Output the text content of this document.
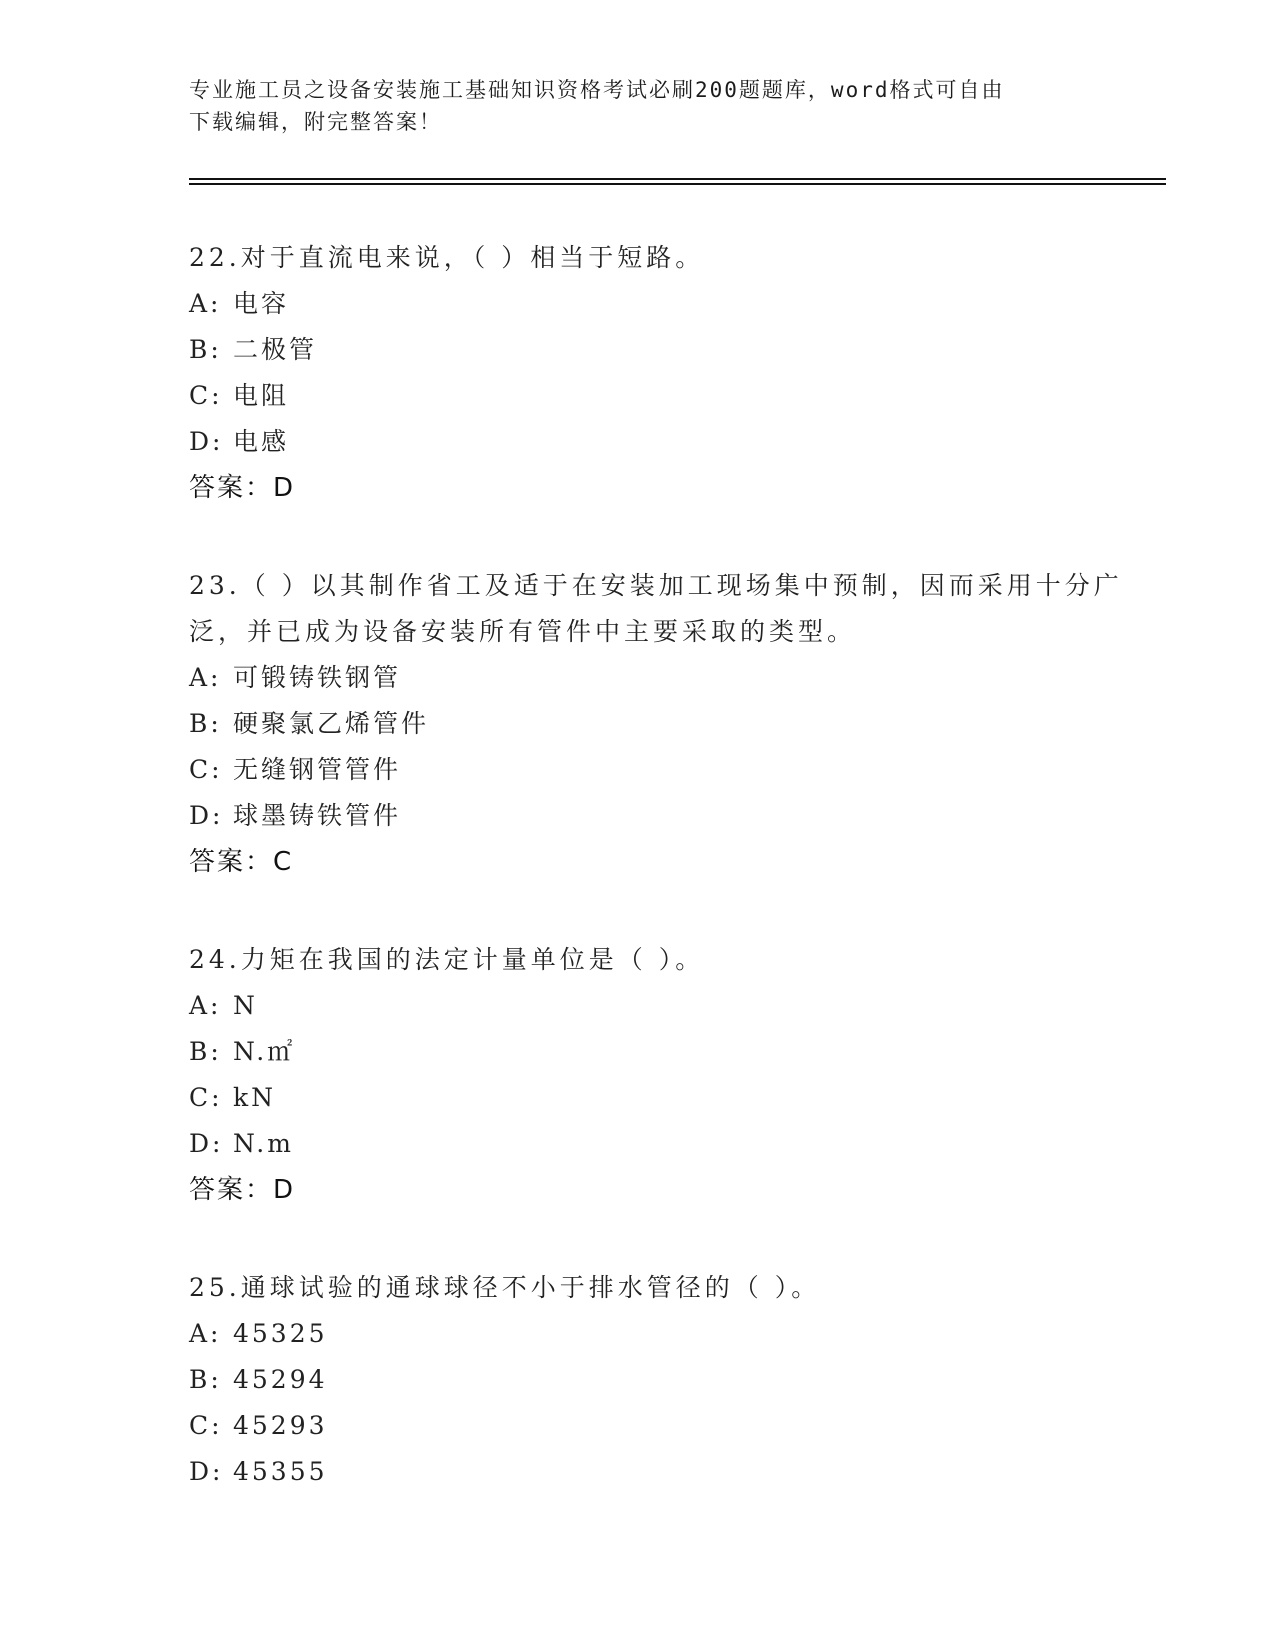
专业施工员之设备安装施工基础知识资格考试必刷200题题库，word格式可自由
下载编辑，附完整答案！
22.对于直流电来说，（ ）相当于短路。
A: 电容
B: 二极管
C: 电阻
D: 电感
答案：D
23.（ ）以其制作省工及适于在安装加工现场集中预制，因而采用十分广泛，并已成为设备安装所有管件中主要采取的类型。
A: 可锻铸铁钢管
B: 硬聚氯乙烯管件
C: 无缝钢管管件
D: 球墨铸铁管件
答案：C
24.力矩在我国的法定计量单位是（ ）。
A: N
B: N.㎡
C: kN
D: N.m
答案：D
25.通球试验的通球球径不小于排水管径的（ ）。
A: 45325
B: 45294
C: 45293
D: 45355
